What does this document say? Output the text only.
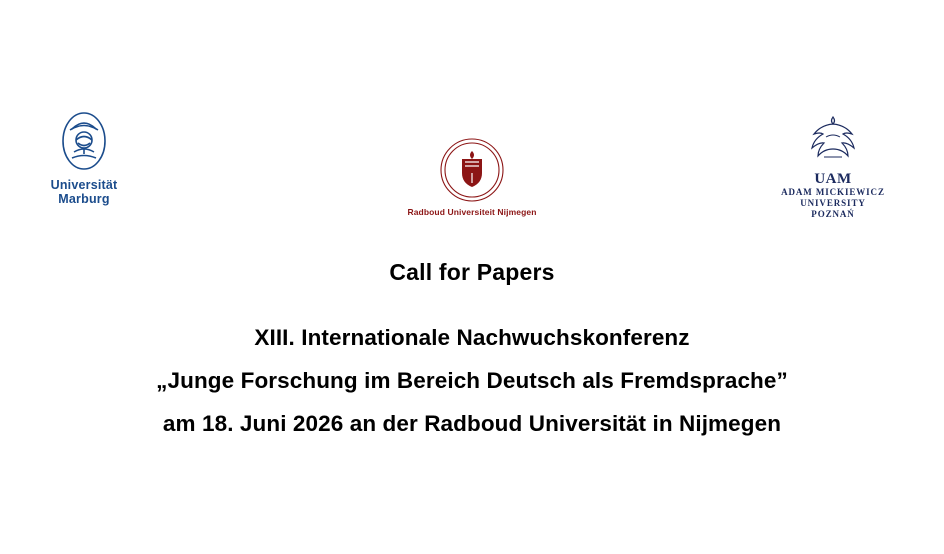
Universität
Marburg
Radboud Universiteit Nijmegen
UAM
ADAM MICKIEWICZ
UNIVERSITY
POZNAŃ
Call for Papers
XIII. Internationale Nachwuchskonferenz
„Junge Forschung im Bereich Deutsch als Fremdsprache”
am 18. Juni 2026 an der Radboud Universität in Nijmegen
